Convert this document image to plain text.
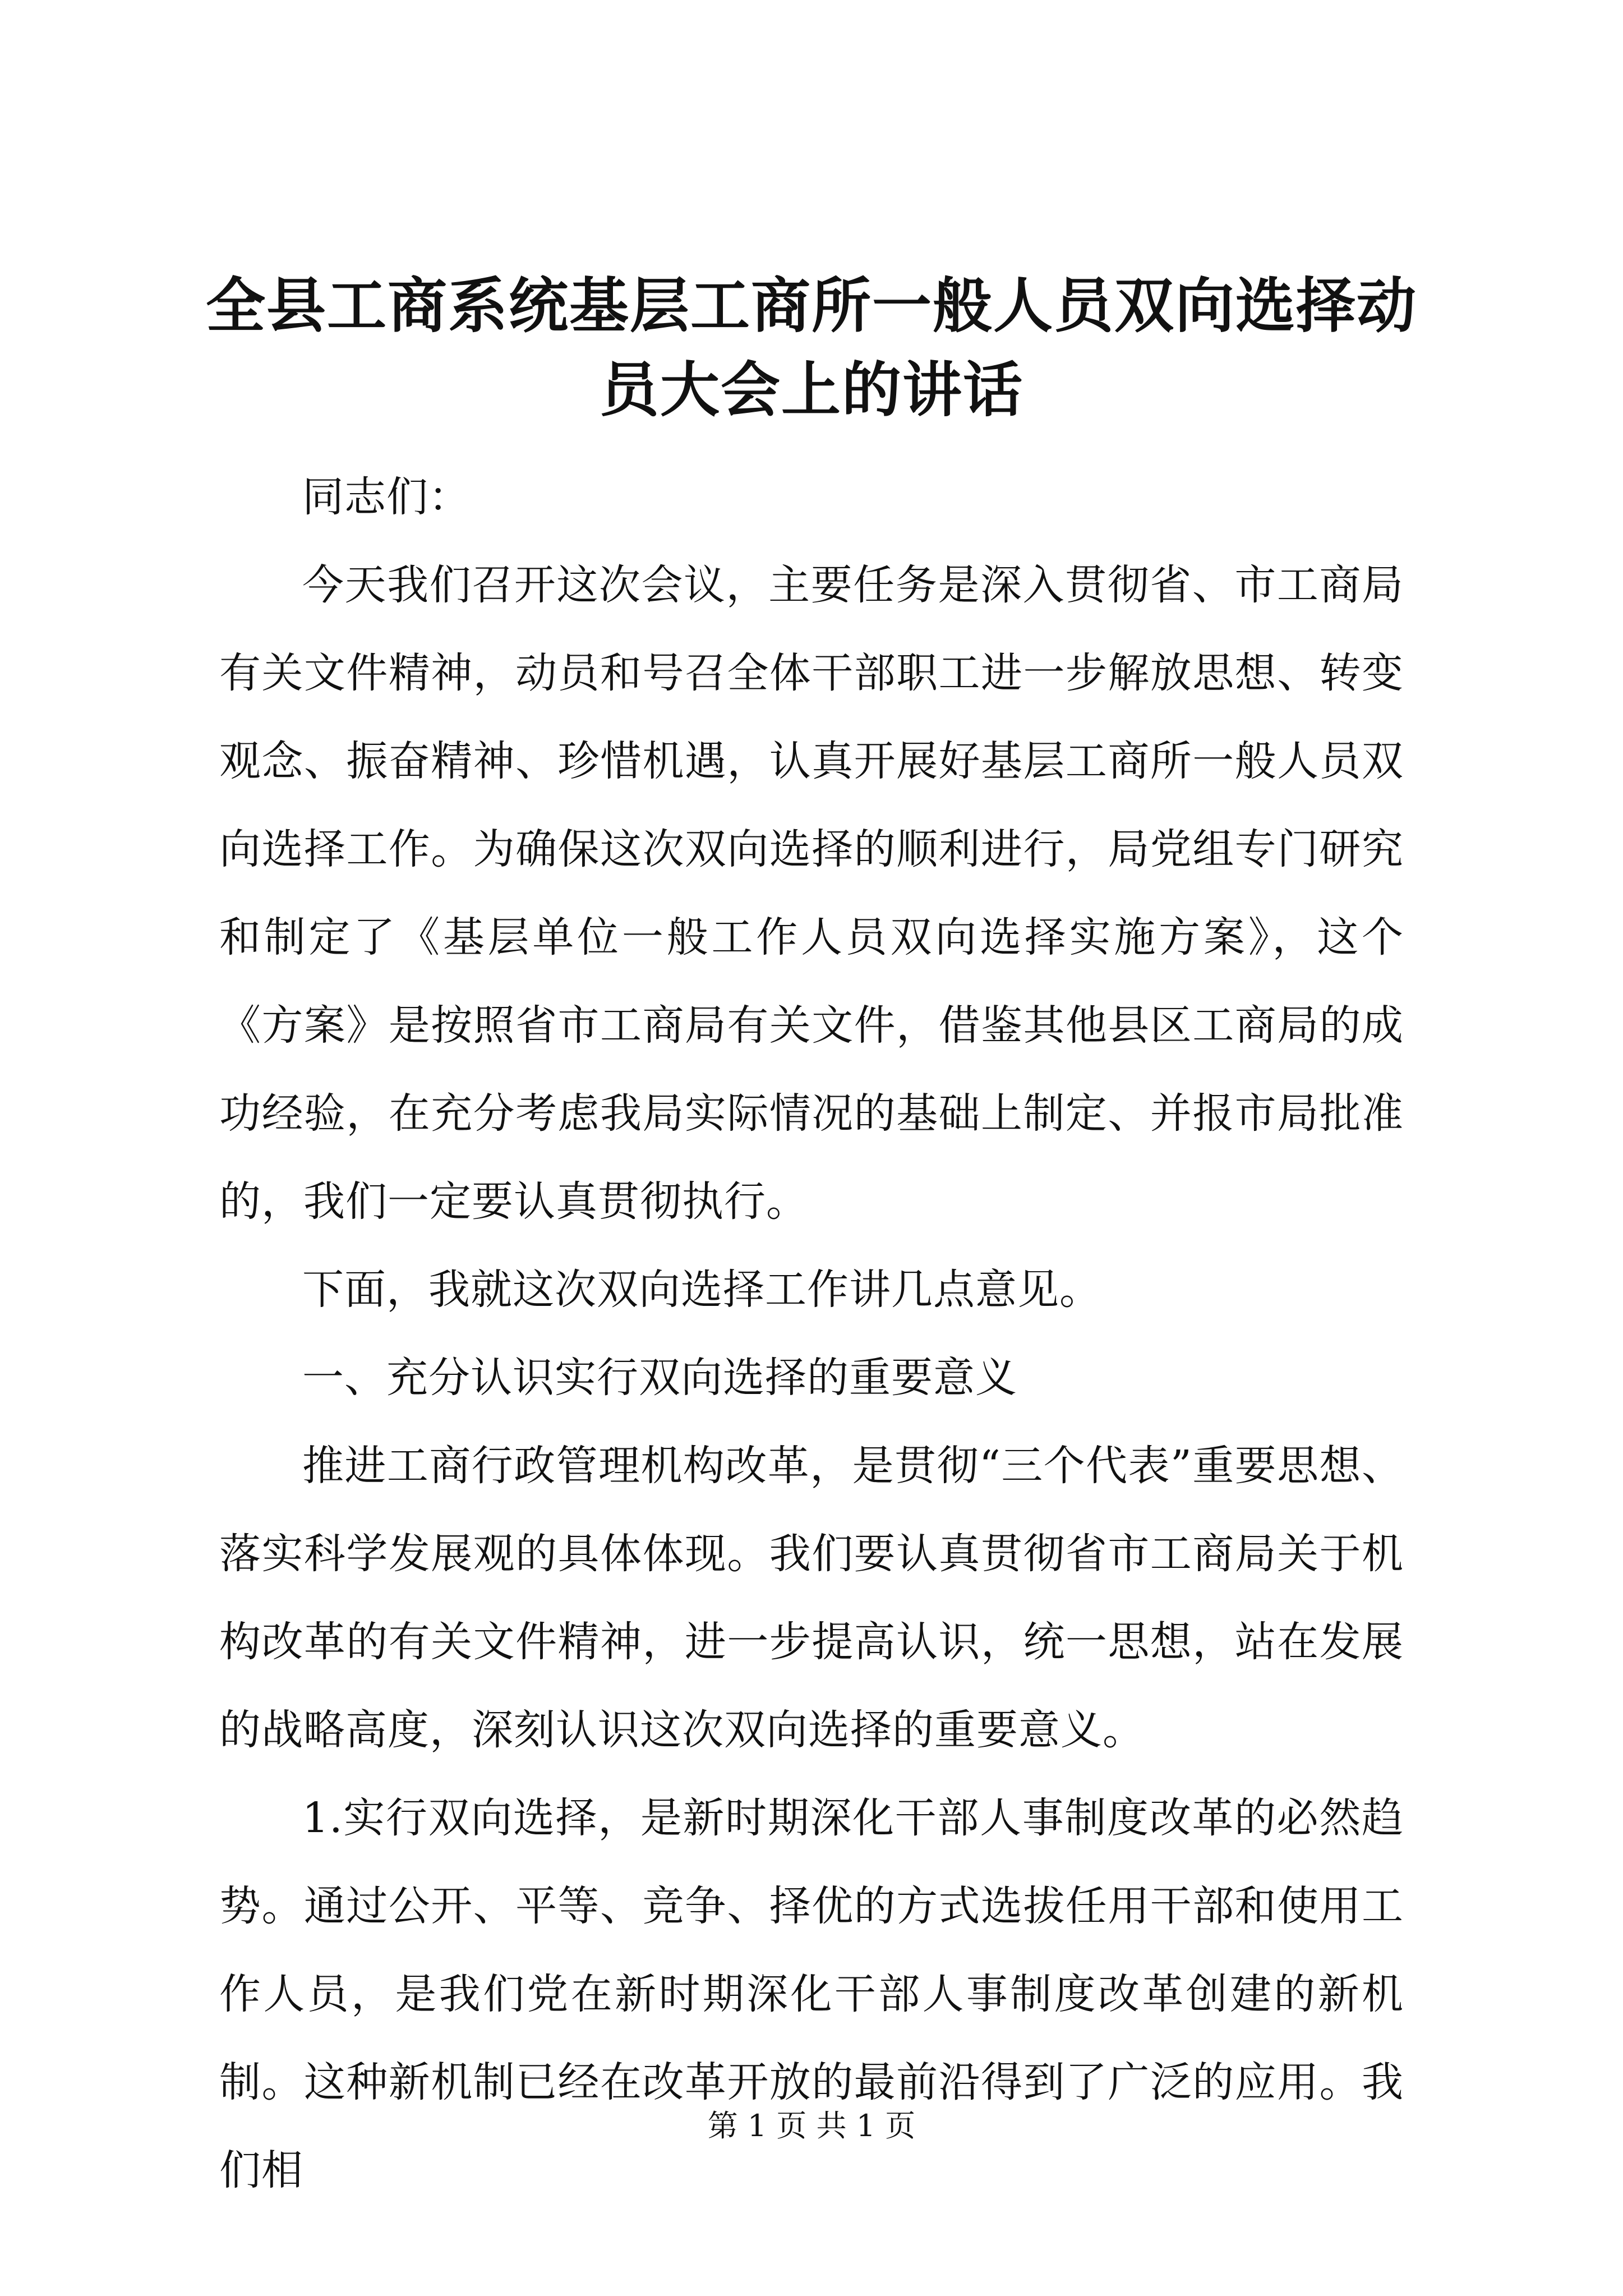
全县工商系统基层工商所一般人员双向选择动员大会上的讲话

同志们：

今天我们召开这次会议，主要任务是深入贯彻省、市工商局有关文件精神，动员和号召全体干部职工进一步解放思想、转变观念、振奋精神、珍惜机遇，认真开展好基层工商所一般人员双向选择工作。为确保这次双向选择的顺利进行，局党组专门研究和制定了《基层单位一般工作人员双向选择实施方案》，这个《方案》是按照省市工商局有关文件，借鉴其他县区工商局的成功经验，在充分考虑我局实际情况的基础上制定、并报市局批准的，我们一定要认真贯彻执行。

下面，我就这次双向选择工作讲几点意见。

一、充分认识实行双向选择的重要意义

推进工商行政管理机构改革，是贯彻“三个代表”重要思想、落实科学发展观的具体体现。我们要认真贯彻省市工商局关于机构改革的有关文件精神，进一步提高认识，统一思想，站在发展的战略高度，深刻认识这次双向选择的重要意义。

1.实行双向选择，是新时期深化干部人事制度改革的必然趋势。通过公开、平等、竞争、择优的方式选拔任用干部和使用工作人员，是我们党在新时期深化干部人事制度改革创建的新机制。这种新机制已经在改革开放的最前沿得到了广泛的应用。我们相

第 1 页 共 1 页
